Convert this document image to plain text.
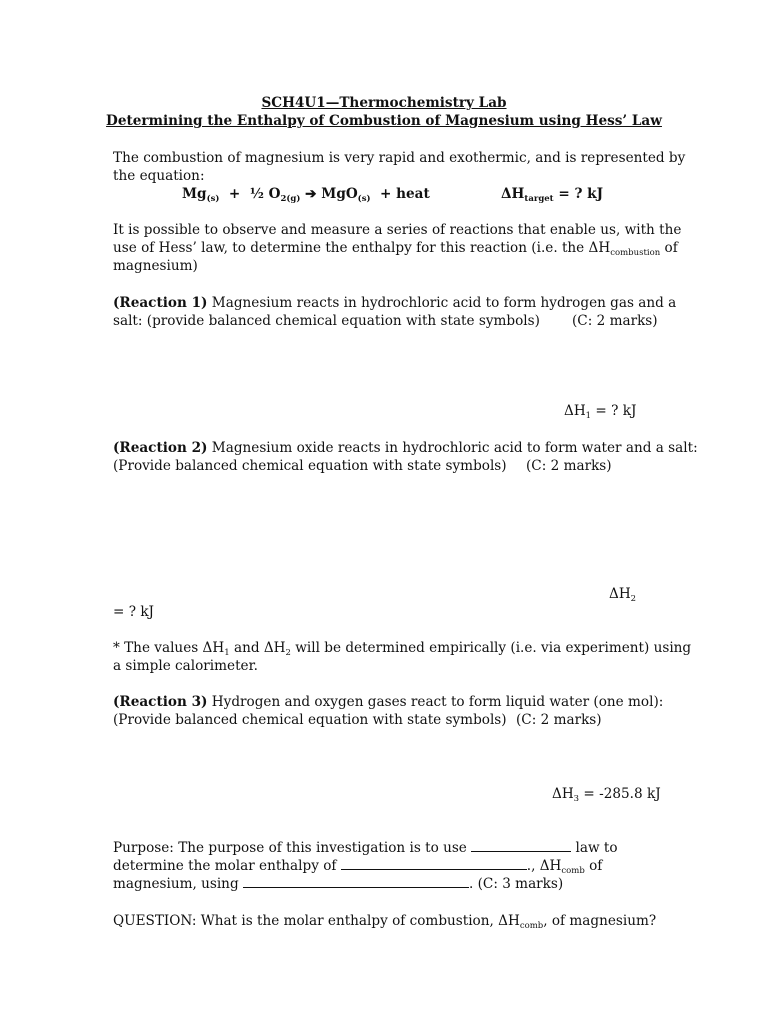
SCH4U1—Thermochemistry Lab
Determining the Enthalpy of Combustion of Magnesium using Hess’ Law
The combustion of magnesium is very rapid and exothermic, and is represented by
the equation:
$Mg_{(s)}$ + ½ $O_{2(g)}$ ➔ MgO$_{(s)}$ + heat	$\Delta H_{target}$ = ? kJ
It is possible to observe and measure a series of reactions that enable us, with the
use of Hess’ law, to determine the enthalpy for this reaction (i.e. the $\Delta H_{combustion}$ of
magnesium)
(Reaction 1) Magnesium reacts in hydrochloric acid to form hydrogen gas and a
salt: (provide balanced chemical equation with state symbols) (C: 2 marks)
$\Delta H_1$ = ? kJ
(Reaction 2) Magnesium oxide reacts in hydrochloric acid to form water and a salt:
(Provide balanced chemical equation with state symbols) (C: 2 marks)
$\Delta H_2$
= ? kJ
* The values $\Delta H_1$ and $\Delta H_2$ will be determined empirically (i.e. via experiment) using
a simple calorimeter.
(Reaction 3) Hydrogen and oxygen gases react to form liquid water (one mol):
(Provide balanced chemical equation with state symbols) (C: 2 marks)
$\Delta H_3 = -285.8$ kJ
Purpose: The purpose of this investigation is to use	law to
determine the molar enthalpy of	., $\Delta H_{comb}$ of
magnesium, using	. (C: 3 marks)
QUESTION: What is the molar enthalpy of combustion, $\Delta H_{comb}$, of magnesium?
